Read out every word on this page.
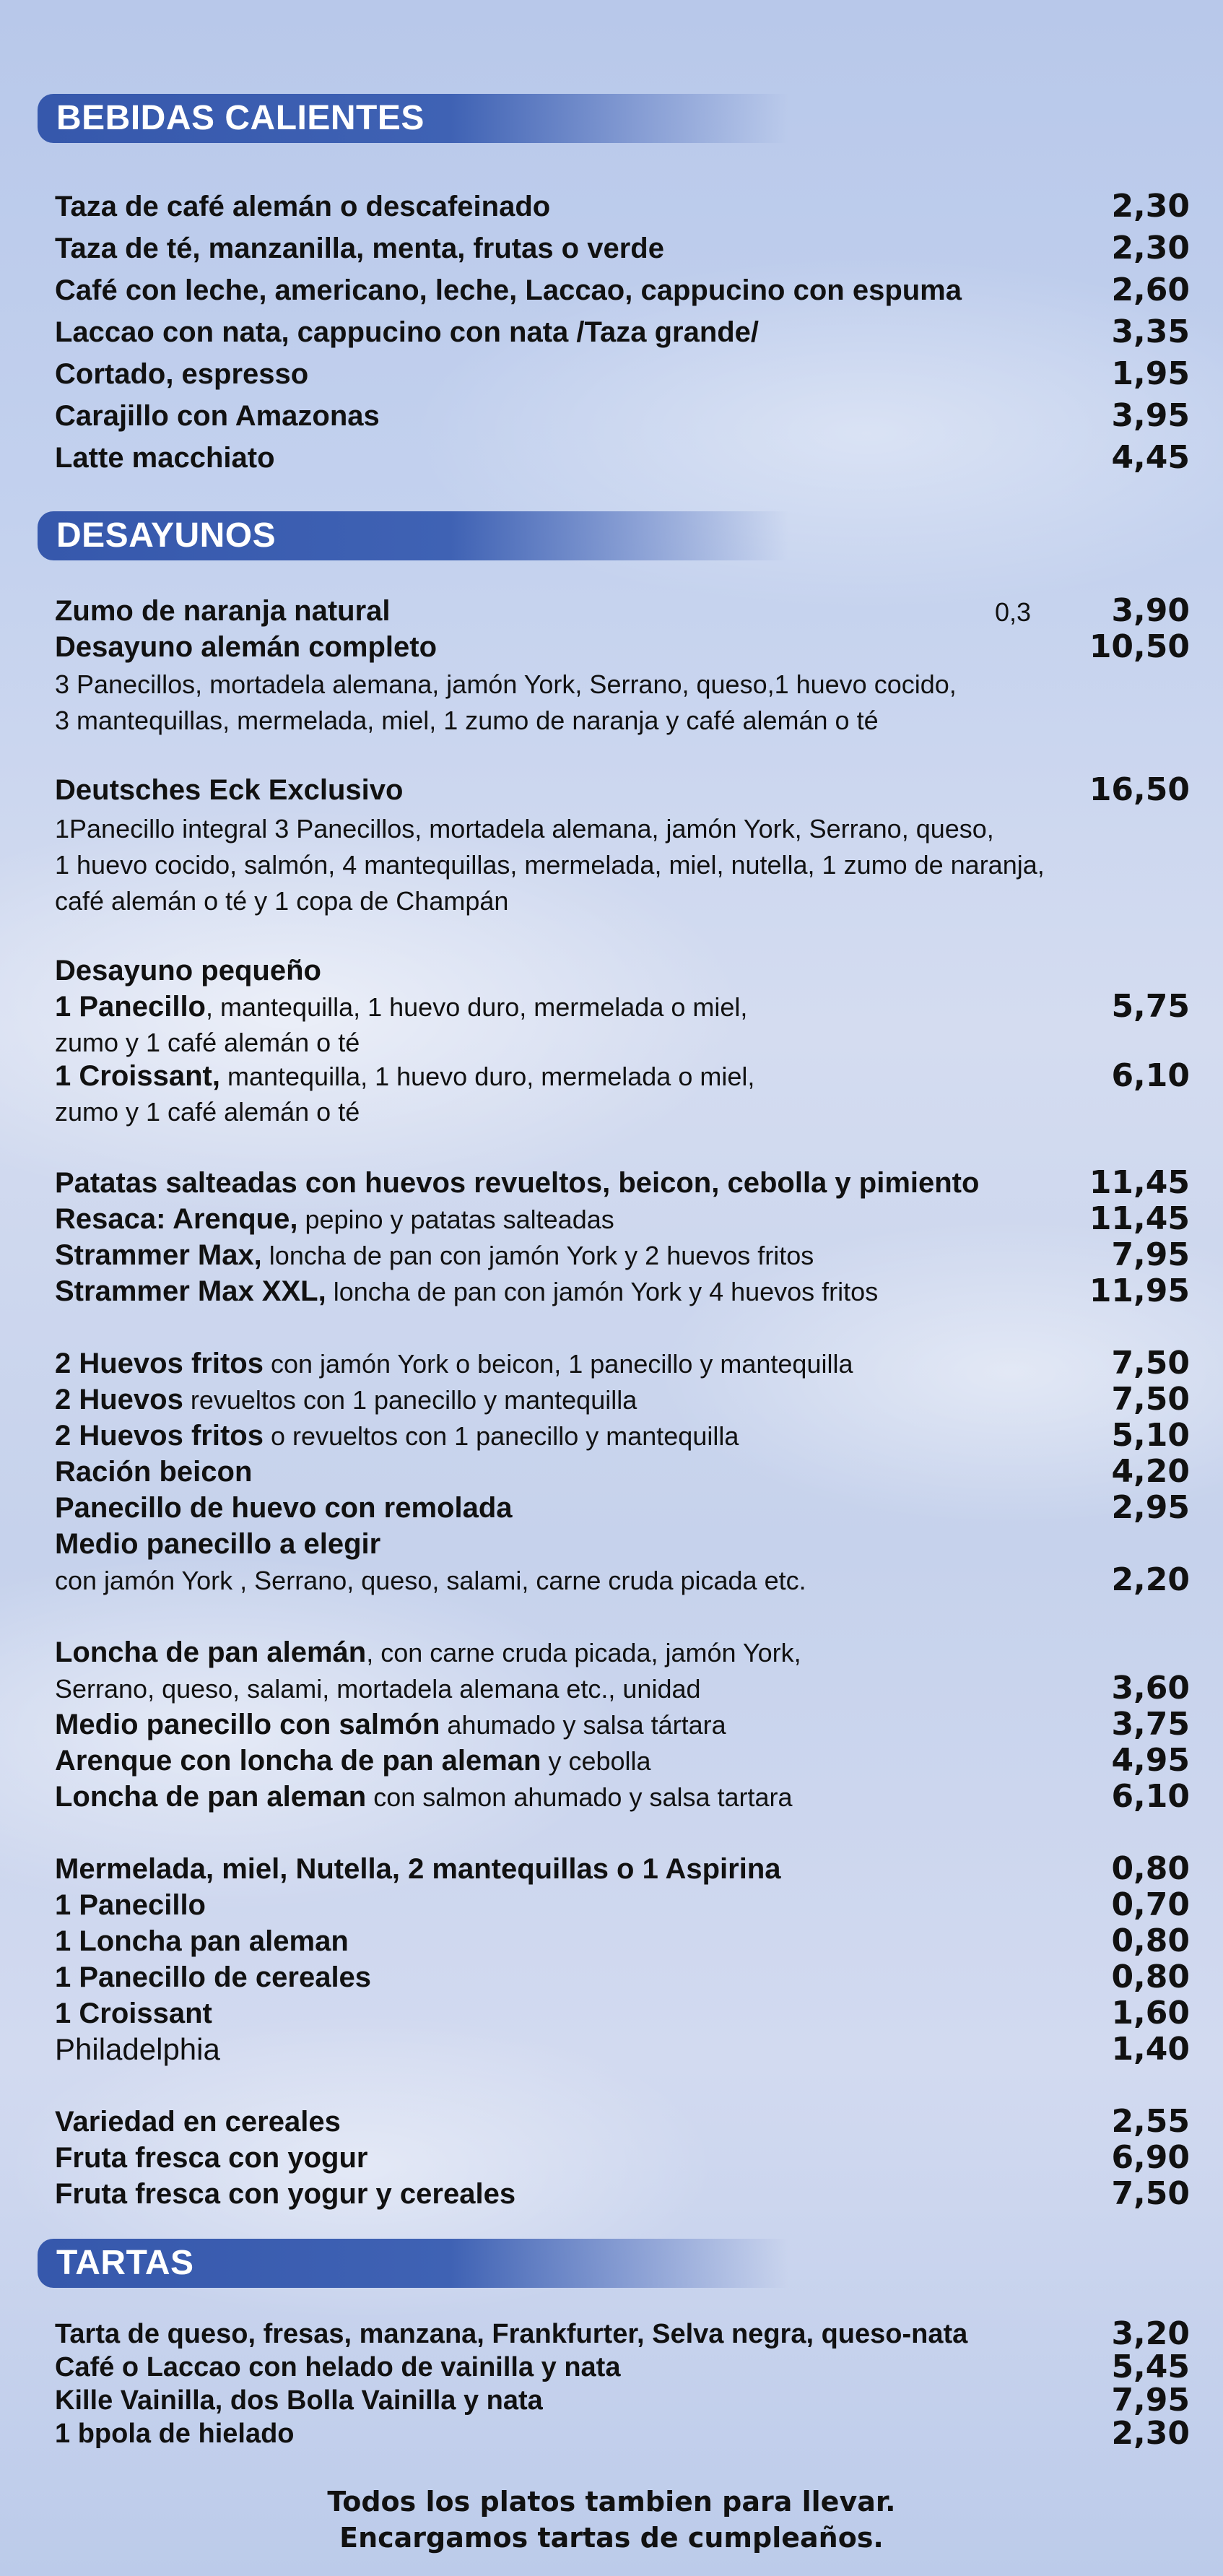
BEBIDAS CALIENTES
Taza de café alemán o descafeinado	2,30
Taza de té, manzanilla, menta, frutas o verde	2,30
Café con leche, americano, leche, Laccao, cappucino con espuma	2,60
Laccao con nata, cappucino con nata /Taza grande/	3,35
Cortado, espresso	1,95
Carajillo con Amazonas	3,95
Latte macchiato	4,45
DESAYUNOS
Zumo de naranja natural	0,3	3,90
Desayuno alemán completo	10,50
3 Panecillos, mortadela alemana, jamón York, Serrano, queso,1 huevo cocido,
3 mantequillas, mermelada, miel, 1 zumo de naranja y café alemán o té
Deutsches Eck Exclusivo	16,50
1Panecillo integral 3 Panecillos, mortadela alemana, jamón York, Serrano, queso,
1 huevo cocido, salmón, 4 mantequillas, mermelada, miel, nutella, 1 zumo de naranja,
café alemán o té y 1 copa de Champán
Desayuno pequeño
1 Panecillo, mantequilla, 1 huevo duro, mermelada o miel,	5,75
zumo y 1 café alemán o té
1 Croissant, mantequilla, 1 huevo duro, mermelada o miel,	6,10
zumo y 1 café alemán o té
Patatas salteadas con huevos revueltos, beicon, cebolla y pimiento	11,45
Resaca: Arenque, pepino y patatas salteadas	11,45
Strammer Max, loncha de pan con jamón York y 2 huevos fritos	7,95
Strammer Max XXL, loncha de pan con jamón York y 4 huevos fritos	11,95
2 Huevos fritos con jamón York o beicon, 1 panecillo y mantequilla	7,50
2 Huevos revueltos con 1 panecillo y mantequilla	7,50
2 Huevos fritos o revueltos con 1 panecillo y mantequilla	5,10
Ración beicon	4,20
Panecillo de huevo con remolada	2,95
Medio panecillo a elegir
con jamón York , Serrano, queso, salami, carne cruda picada etc.	2,20
Loncha de pan alemán, con carne cruda picada, jamón York,
Serrano, queso, salami, mortadela alemana etc., unidad	3,60
Medio panecillo con salmón ahumado y salsa tártara	3,75
Arenque con loncha de pan aleman y cebolla	4,95
Loncha de pan aleman con salmon ahumado y salsa tartara	6,10
Mermelada, miel, Nutella, 2 mantequillas o 1 Aspirina	0,80
1 Panecillo	0,70
1 Loncha pan aleman	0,80
1 Panecillo de cereales	0,80
1 Croissant	1,60
Philadelphia	1,40
Variedad en cereales	2,55
Fruta fresca con yogur	6,90
Fruta fresca con yogur y cereales	7,50
TARTAS
Tarta de queso, fresas, manzana, Frankfurter, Selva negra, queso-nata	3,20
Café o Laccao con helado de vainilla y nata	5,45
Kille Vainilla, dos Bolla Vainilla y nata	7,95
1 bpola de hielado	2,30
Todos los platos tambien para llevar.
Encargamos tartas de cumpleaños.
